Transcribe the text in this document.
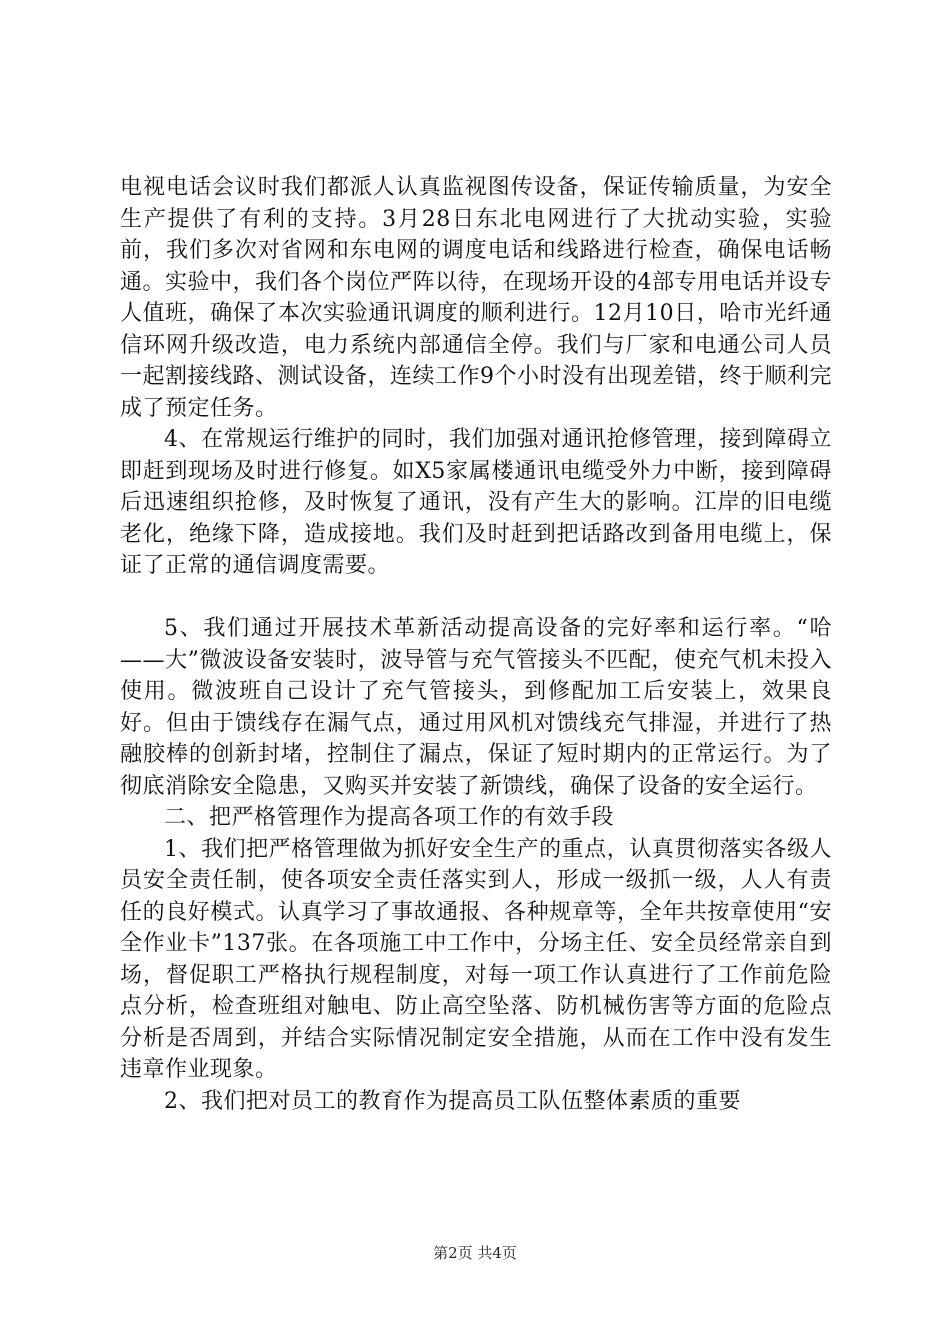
电视电话会议时我们都派人认真监视图传设备，保证传输质量，为安全生产提供了有利的支持。3月28日东北电网进行了大扰动实验，实验前，我们多次对省网和东电网的调度电话和线路进行检查，确保电话畅通。实验中，我们各个岗位严阵以待，在现场开设的4部专用电话并设专人值班，确保了本次实验通讯调度的顺利进行。12月10日，哈市光纤通信环网升级改造，电力系统内部通信全停。我们与厂家和电通公司人员一起割接线路、测试设备，连续工作9个小时没有出现差错，终于顺利完成了预定任务。

4、在常规运行维护的同时，我们加强对通讯抢修管理，接到障碍立即赶到现场及时进行修复。如X5家属楼通讯电缆受外力中断，接到障碍后迅速组织抢修，及时恢复了通讯，没有产生大的影响。江岸的旧电缆老化，绝缘下降，造成接地。我们及时赶到把话路改到备用电缆上，保证了正常的通信调度需要。

5、我们通过开展技术革新活动提高设备的完好率和运行率。“哈——大”微波设备安装时，波导管与充气管接头不匹配，使充气机未投入使用。微波班自己设计了充气管接头，到修配加工后安装上，效果良好。但由于馈线存在漏气点，通过用风机对馈线充气排湿，并进行了热融胶棒的创新封堵，控制住了漏点，保证了短时期内的正常运行。为了彻底消除安全隐患，又购买并安装了新馈线，确保了设备的安全运行。

二、把严格管理作为提高各项工作的有效手段

1、我们把严格管理做为抓好安全生产的重点，认真贯彻落实各级人员安全责任制，使各项安全责任落实到人，形成一级抓一级，人人有责任的良好模式。认真学习了事故通报、各种规章等，全年共按章使用“安全作业卡”137张。在各项施工中工作中，分场主任、安全员经常亲自到场，督促职工严格执行规程制度，对每一项工作认真进行了工作前危险点分析，检查班组对触电、防止高空坠落、防机械伤害等方面的危险点分析是否周到，并结合实际情况制定安全措施，从而在工作中没有发生违章作业现象。

2、我们把对员工的教育作为提高员工队伍整体素质的重要

第2页 共4页
